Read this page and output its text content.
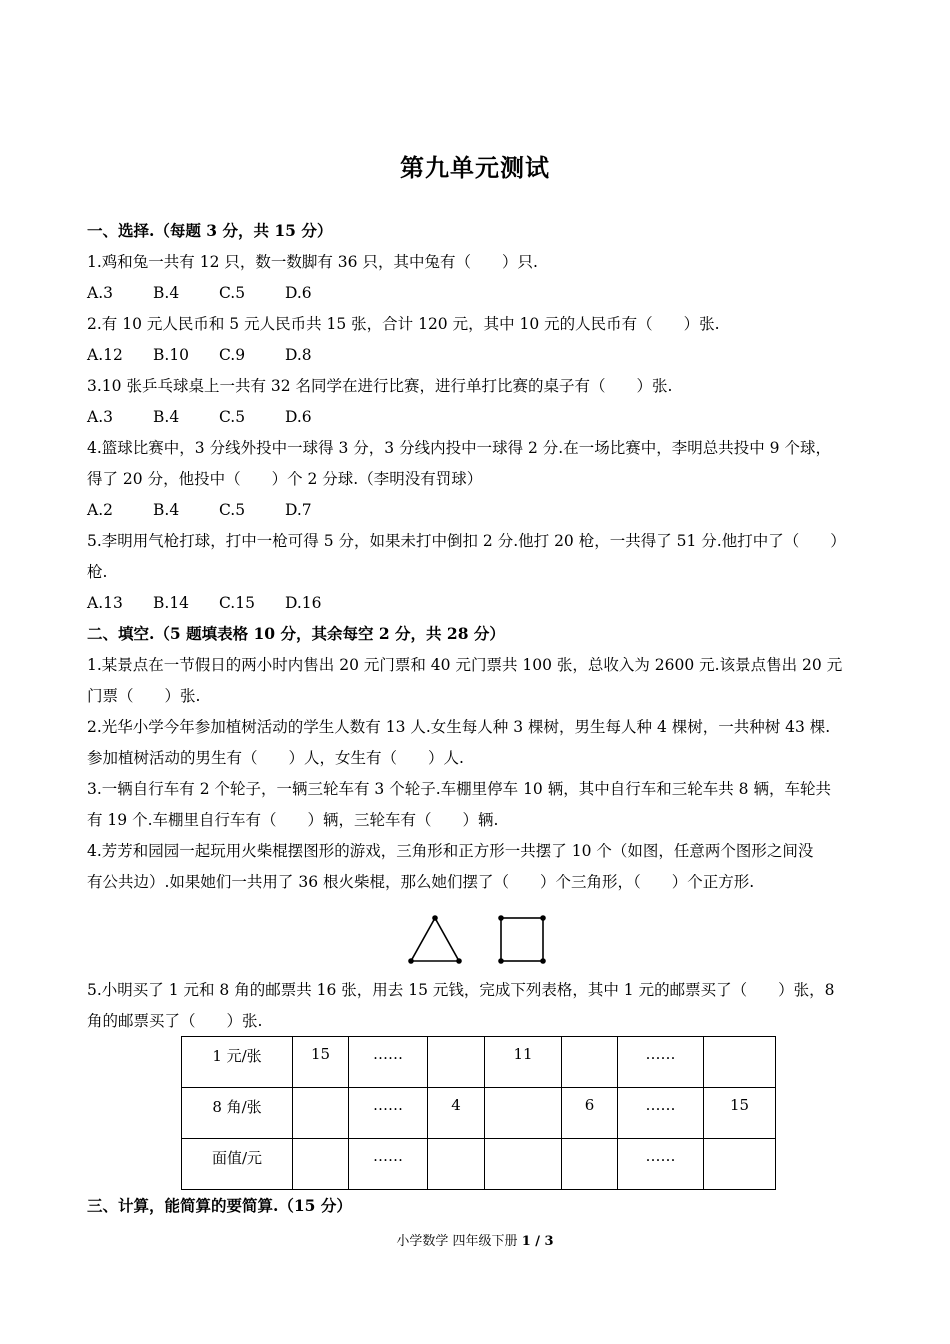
第九单元测试
一、选择.（每题 3 分，共 15 分）
1.鸡和兔一共有 12 只，数一数脚有 36 只，其中兔有（　　）只.
A.3	B.4	C.5	D.6
2.有 10 元人民币和 5 元人民币共 15 张，合计 120 元，其中 10 元的人民币有（　　）张.
A.12 B.10 C.9	D.8
3.10 张乒乓球桌上一共有 32 名同学在进行比赛，进行单打比赛的桌子有（　　）张.
A.3	B.4	C.5	D.6
4.篮球比赛中，3 分线外投中一球得 3 分，3 分线内投中一球得 2 分.在一场比赛中，李明总共投中 9 个球，
得了 20 分，他投中（　　）个 2 分球.（李明没有罚球）
A.2	B.4	C.5	D.7
5.李明用气枪打球，打中一枪可得 5 分，如果未打中倒扣 2 分.他打 20 枪，一共得了 51 分.他打中了（　　）
枪.
A.13 B.14 C.15 D.16
二、填空.（5 题填表格 10 分，其余每空 2 分，共 28 分）
1.某景点在一节假日的两小时内售出 20 元门票和 40 元门票共 100 张，总收入为 2600 元.该景点售出 20 元
门票（　　）张.
2.光华小学今年参加植树活动的学生人数有 13 人.女生每人种 3 棵树，男生每人种 4 棵树，一共种树 43 棵.
参加植树活动的男生有（　　）人，女生有（　　）人.
3.一辆自行车有 2 个轮子，一辆三轮车有 3 个轮子.车棚里停车 10 辆，其中自行车和三轮车共 8 辆，车轮共
有 19 个.车棚里自行车有（　　）辆，三轮车有（　　）辆.
4.芳芳和园园一起玩用火柴棍摆图形的游戏，三角形和正方形一共摆了 10 个（如图，任意两个图形之间没
有公共边）.如果她们一共用了 36 根火柴棍，那么她们摆了（　　）个三角形，（　　）个正方形.
5.小明买了 1 元和 8 角的邮票共 16 张，用去 15 元钱，完成下列表格，其中 1 元的邮票买了（　　）张，8
角的邮票买了（　　）张.
1 元/张	15	……		11		……	
8 角/张		……	4		6	……	15
面值/元		……				……	
三、计算，能简算的要简算.（15 分）
小学数学 四年级下册 1 / 3
